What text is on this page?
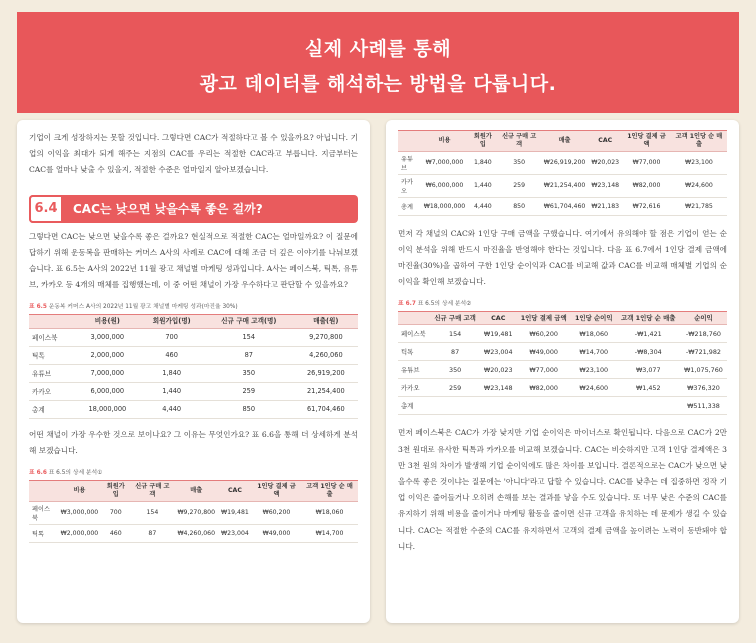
실제 사례를 통해
광고 데이터를 해석하는 방법을 다룹니다.
기업이 크게 성장하지는 못할 것입니다. 그렇다면 CAC가 적절하다고 볼 수 있을까요? 아닙니다. 기업의 이익을 최대가 되게 해주는 지점의 CAC를 우리는 적절한 CAC라고 부릅니다. 지금부터는 CAC를 얼마나 낮출 수 있을지, 적절한 수준은 얼마일지 알아보겠습니다.
6.4	CAC는 낮으면 낮을수록 좋은 걸까?
그렇다면 CAC는 낮으면 낮을수록 좋은 걸까요? 현실적으로 적절한 CAC는 얼마일까요? 이 질문에 답하기 위해 운동복을 판매하는 커머스 A사의 사례로 CAC에 대해 조금 더 깊은 이야기를 나눠보겠습니다. 표 6.5는 A사의 2022년 11월 광고 채널별 마케팅 성과입니다. A사는 페이스북, 틱톡, 유튜브, 카카오 등 4개의 매체를 집행했는데, 이 중 어떤 채널이 가장 우수하다고 판단할 수 있을까요?
표 6.5 운동복 커머스 A사의 2022년 11월 광고 채널별 마케팅 성과(마진율 30%)
	비용(원)	회원가입(명)	신규 구매 고객(명)	매출(원)
페이스북	3,000,000	700	154	9,270,800
틱톡	2,000,000	460	87	4,260,060
유튜브	7,000,000	1,840	350	26,919,200
카카오	6,000,000	1,440	259	21,254,400
총계	18,000,000	4,440	850	61,704,460
어떤 채널이 가장 우수한 것으로 보이나요? 그 이유는 무엇인가요? 표 6.6을 통해 더 상세하게 분석해 보겠습니다.
표 6.6 표 6.5의 상세 분석①
	비용	회원가입	신규 구매 고객	매출	CAC	1인당 결제 금액	고객 1인당 순 매출
페이스북	₩3,000,000	700	154	₩9,270,800	₩19,481	₩60,200	₩18,060
틱톡	₩2,000,000	460	87	₩4,260,060	₩23,004	₩49,000	₩14,700
	비용	회원가입	신규 구매 고객	매출	CAC	1인당 결제 금액	고객 1인당 순 매출
유튜브	₩7,000,000	1,840	350	₩26,919,200	₩20,023	₩77,000	₩23,100
카카오	₩6,000,000	1,440	259	₩21,254,400	₩23,148	₩82,000	₩24,600
총계	₩18,000,000	4,440	850	₩61,704,460	₩21,183	₩72,616	₩21,785
먼저 각 채널의 CAC와 1인당 구매 금액을 구했습니다. 여기에서 유의해야 할 점은 기업이 얻는 순이익 분석을 위해 반드시 마진율을 반영해야 한다는 것입니다. 다음 표 6.7에서 1인당 결제 금액에 마진율(30%)을 곱하여 구한 1인당 순이익과 CAC를 비교해 값과 CAC를 비교해 매체별 기업의 순이익을 확인해 보겠습니다.
표 6.7 표 6.5의 상세 분석②
	신규 구매 고객	CAC	1인당 결제 금액	1인당 순이익	고객 1인당 순 매출	순이익
페이스북	154	₩19,481	₩60,200	₩18,060	-₩1,421	-₩218,760
틱톡	87	₩23,004	₩49,000	₩14,700	-₩8,304	-₩721,982
유튜브	350	₩20,023	₩77,000	₩23,100	₩3,077	₩1,075,760
카카오	259	₩23,148	₩82,000	₩24,600	₩1,452	₩376,320
총계						₩511,338
먼저 페이스북은 CAC가 가장 낮지만 기업 순이익은 마이너스로 확인됩니다. 다음으로 CAC가 2만 3천 원대로 유사한 틱톡과 카카오를 비교해 보겠습니다. CAC는 비슷하지만 고객 1인당 결제액은 3만 3천 원의 차이가 발생해 기업 순이익에도 많은 차이를 보입니다. 결론적으로는 CAC가 낮으면 낮을수록 좋은 것이냐는 질문에는 '아니다'라고 답할 수 있습니다. CAC를 낮추는 데 집중하면 정작 기업 이익은 줄어들거나 오히려 손해를 보는 결과를 낳을 수도 있습니다. 또 너무 낮은 수준의 CAC를 유지하기 위해 비용을 줄이거나 마케팅 활동을 줄이면 신규 고객을 유치하는 데 문제가 생길 수 있습니다. CAC는 적절한 수준의 CAC를 유지하면서 고객의 결제 금액을 높이려는 노력이 동반돼야 합니다.
